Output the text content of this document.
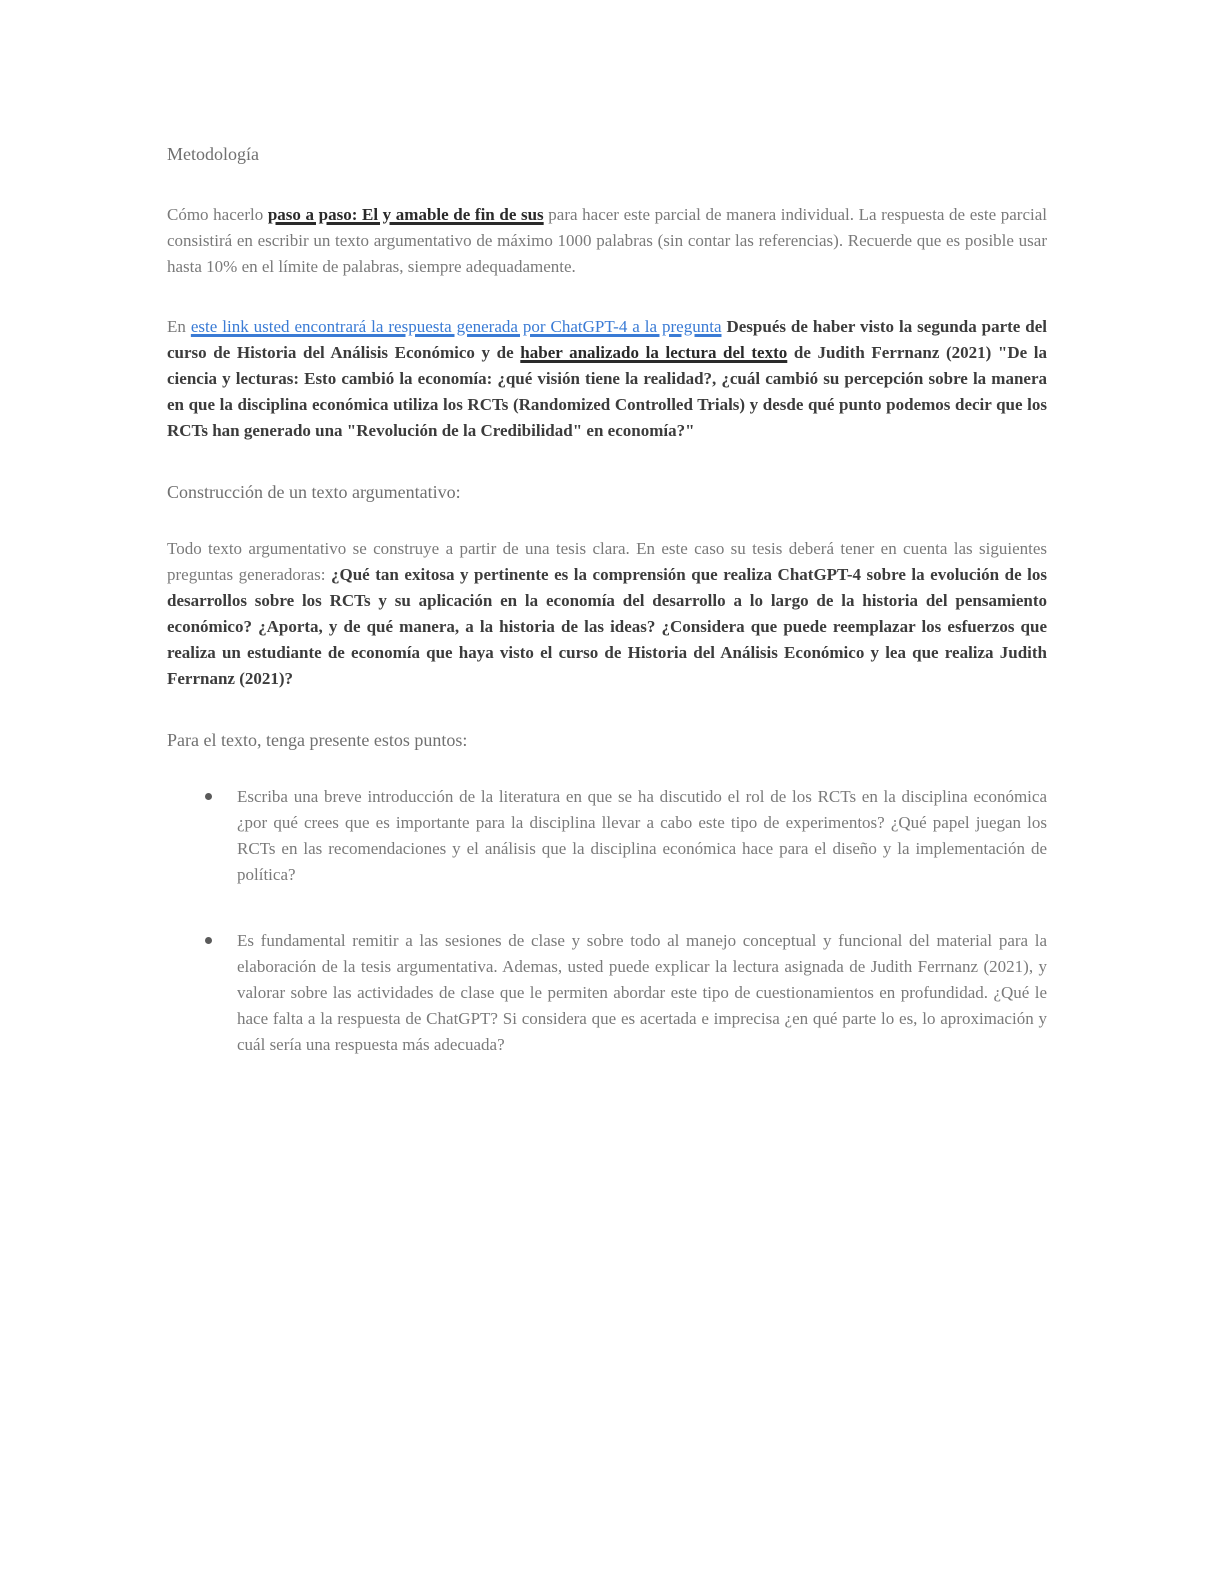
Metodología

Cómo hacerlo paso a paso: El y amable de fin de sus para hacer este parcial de manera individual. La respuesta de este parcial consistirá en escribir un texto argumentativo de máximo 1000 palabras (sin contar las referencias). Recuerde que es posible usar hasta 10% en el límite de palabras, siempre adequadamente.

En este link usted encontrará la respuesta generada por ChatGPT-4 a la pregunta Después de haber visto la segunda parte del curso de Historia del Análisis Económico y de haber analizado la lectura del texto de Judith Ferrnanz (2021) "De la ciencia y lecturas: Esto cambió la economía: ¿qué visión tiene la realidad?, ¿cuál cambió su percepción sobre la manera en que la disciplina económica utiliza los RCTs (Randomized Controlled Trials) y desde qué punto podemos decir que los RCTs han generado una "Revolución de la Credibilidad" en economía?"

Construcción de un texto argumentativo:

Todo texto argumentativo se construye a partir de una tesis clara. En este caso su tesis deberá tener en cuenta las siguientes preguntas generadoras: ¿Qué tan exitosa y pertinente es la comprensión que realiza ChatGPT-4 sobre la evolución de los desarrollos sobre los RCTs y su aplicación en la economía del desarrollo a lo largo de la historia del pensamiento económico? ¿Aporta, y de qué manera, a la historia de las ideas? ¿Considera que puede reemplazar los esfuerzos que realiza un estudiante de economía que haya visto el curso de Historia del Análisis Económico y lea que realiza Judith Ferrnanz (2021)?

Para el texto, tenga presente estos puntos:

Escriba una breve introducción de la literatura en que se ha discutido el rol de los RCTs en la disciplina económica ¿por qué crees que es importante para la disciplina llevar a cabo este tipo de experimentos? ¿Qué papel juegan los RCTs en las recomendaciones y el análisis que la disciplina económica hace para el diseño y la implementación de política?
Es fundamental remitir a las sesiones de clase y sobre todo al manejo conceptual y funcional del material para la elaboración de la tesis argumentativa. Ademas, usted puede explicar la lectura asignada de Judith Ferrnanz (2021), y valorar sobre las actividades de clase que le permiten abordar este tipo de cuestionamientos en profundidad. ¿Qué le hace falta a la respuesta de ChatGPT? Si considera que es acertada e imprecisa ¿en qué parte lo es, lo aproximación y cuál sería una respuesta más adecuada?
